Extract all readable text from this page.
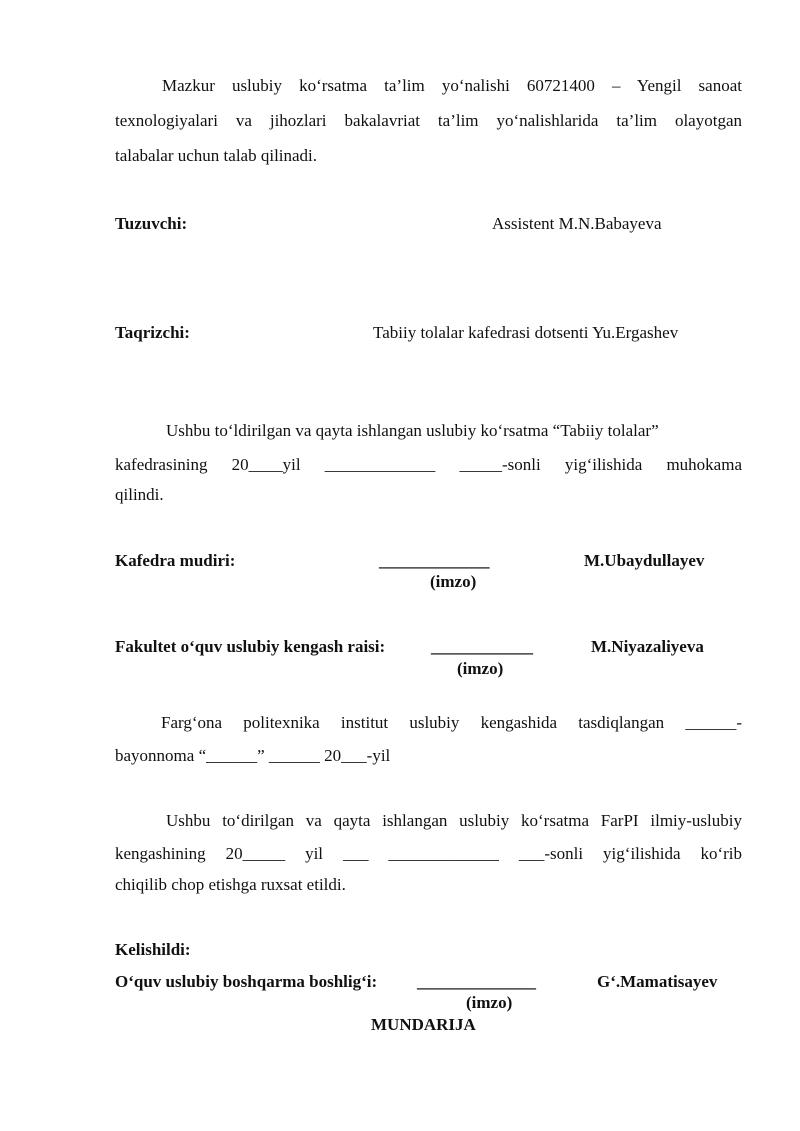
Mazkur uslubiy ko‘rsatma ta’lim yo‘nalishi 60721400 – Yengil sanoat
texnologiyalari va jihozlari bakalavriat ta’lim yo‘nalishlarida ta’lim olayotgan
talabalar uchun talab qilinadi.
Tuzuvchi:	Assistent M.N.Babayeva
Taqrizchi:	Tabiiy tolalar kafedrasi dotsenti Yu.Ergashev
Ushbu to‘ldirilgan va qayta ishlangan uslubiy ko‘rsatma “Tabiiy tolalar”
kafedrasining 20____yil _____________ _____-sonli yig‘ilishida muhokama
qilindi.
Kafedra mudiri:	_____________	M.Ubaydullayev
(imzo)
Fakultet o‘quv uslubiy kengash raisi:	____________	M.Niyazaliyeva
(imzo)
Farg‘ona politexnika institut uslubiy kengashida tasdiqlangan ______-
bayonnoma “______” ______ 20___-yil
Ushbu to‘dirilgan va qayta ishlangan uslubiy ko‘rsatma FarPI ilmiy-uslubiy
kengashining 20_____ yil ___ _____________ ___-sonli yig‘ilishida ko‘rib
chiqilib chop etishga ruxsat etildi.
Kelishildi:
O‘quv uslubiy boshqarma boshlig‘i: ______________	G‘.Mamatisayev
(imzo)
MUNDARIJA
